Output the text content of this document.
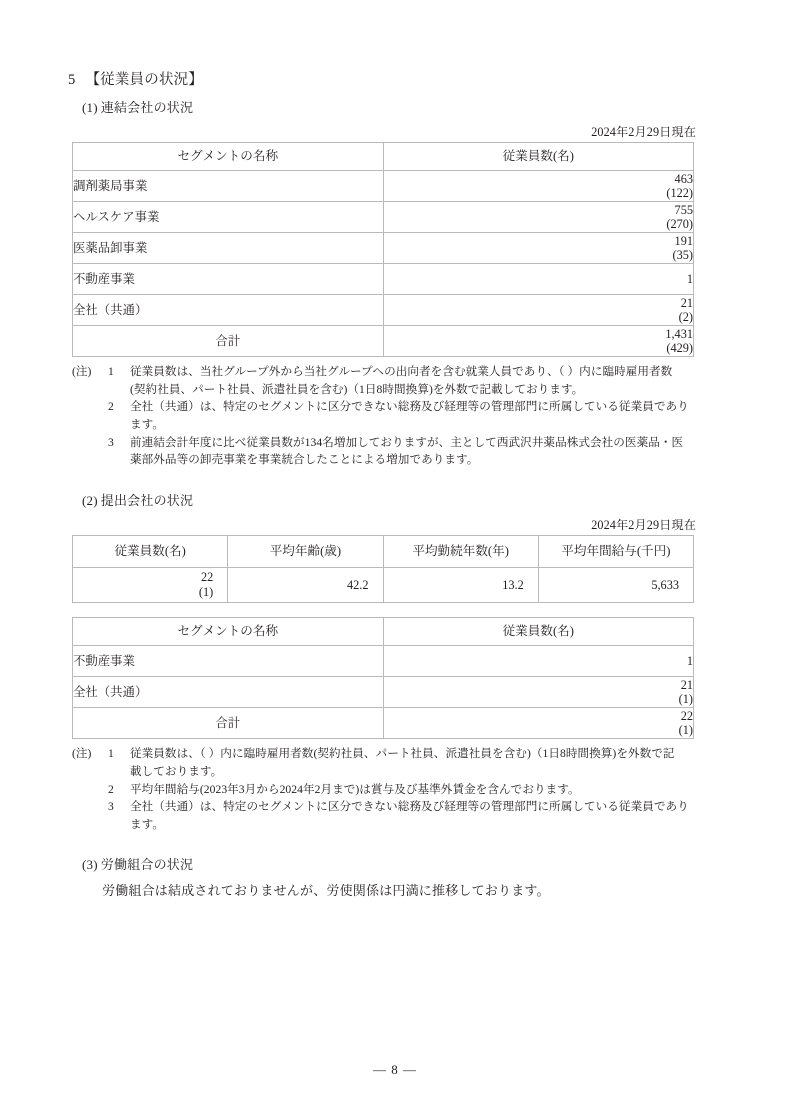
5 【従業員の状況】
(1) 連結会社の状況
2024年2月29日現在
セグメントの名称	従業員数(名)
調剤薬局事業	463
(122)

ヘルスケア事業	755
(270)

医薬品卸事業	191
(35)

不動産事業	1
全社（共通）	21
(2)

合計	1,431
(429)
(注)	1	従業員数は、当社グループ外から当社グループへの出向者を含む就業人員であり、（ ）内に臨時雇用者数

(契約社員、パート社員、派遣社員を含む)（1日8時間換算)を外数で記載しております。

2	全社（共通）は、特定のセグメントに区分できない総務及び経理等の管理部門に所属している従業員であり

ます。

3	前連結会計年度に比べ従業員数が134名増加しておりますが、主として西武沢井薬品株式会社の医薬品・医

薬部外品等の卸売事業を事業統合したことによる増加であります。

(2) 提出会社の状況
2024年2月29日現在
従業員数(名)	平均年齢(歳)	平均勤続年数(年)	平均年間給与(千円)

22
(1)	42.2	13.2	5,633
セグメントの名称	従業員数(名)
不動産事業	1
全社（共通）	21
(1)

合計	22
(1)
(注)	1	従業員数は、（ ）内に臨時雇用者数(契約社員、パート社員、派遣社員を含む)（1日8時間換算)を外数で記

載しております。

2	平均年間給与(2023年3月から2024年2月まで)は賞与及び基準外賃金を含んでおります。

3	全社（共通）は、特定のセグメントに区分できない総務及び経理等の管理部門に所属している従業員であり

ます。

(3) 労働組合の状況
労働組合は結成されておりませんが、労使関係は円満に推移しております。
— 8 —
